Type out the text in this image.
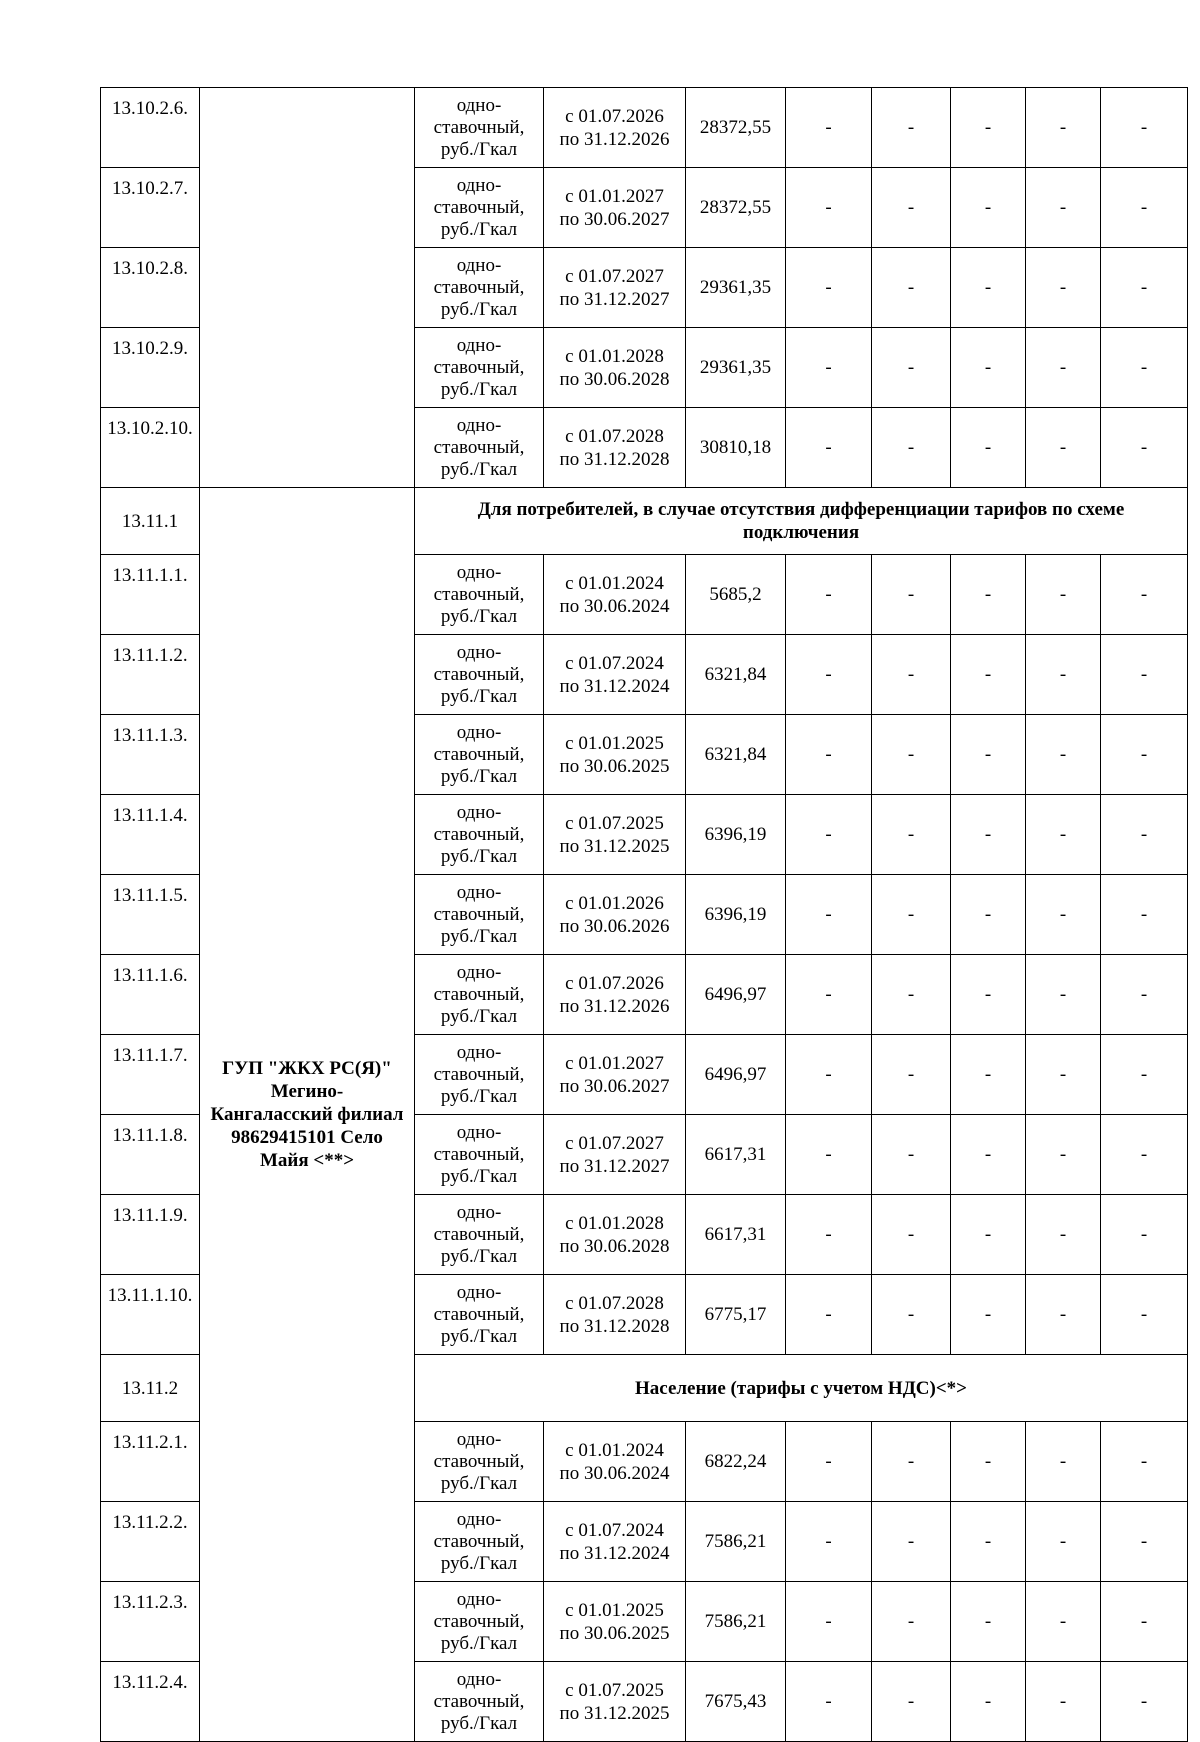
13.10.2.6.		одно-ставочный, руб./Гкал	с 01.07.2026
по 31.12.2026	28372,55	-	-	-	-	-
13.10.2.7.		одно-ставочный, руб./Гкал	с 01.01.2027
по 30.06.2027	28372,55	-	-	-	-	-
13.10.2.8.		одно-ставочный, руб./Гкал	с 01.07.2027
по 31.12.2027	29361,35	-	-	-	-	-
13.10.2.9.		одно-ставочный, руб./Гкал	с 01.01.2028
по 30.06.2028	29361,35	-	-	-	-	-
13.10.2.10.		одно-ставочный, руб./Гкал	с 01.07.2028
по 31.12.2028	30810,18	-	-	-	-	-
13.11.1	ГУП "ЖКХ РС(Я)" Мегино-Кангаласский филиал 98629415101 Село Майя <**>	Для потребителей, в случае отсутствия дифференциации тарифов по схеме подключения							
13.11.1.1.		одно-ставочный, руб./Гкал	с 01.01.2024
по 30.06.2024	5685,2	-	-	-	-	-
13.11.1.2.		одно-ставочный, руб./Гкал	с 01.07.2024
по 31.12.2024	6321,84	-	-	-	-	-
13.11.1.3.		одно-ставочный, руб./Гкал	с 01.01.2025
по 30.06.2025	6321,84	-	-	-	-	-
13.11.1.4.		одно-ставочный, руб./Гкал	с 01.07.2025
по 31.12.2025	6396,19	-	-	-	-	-
13.11.1.5.		одно-ставочный, руб./Гкал	с 01.01.2026
по 30.06.2026	6396,19	-	-	-	-	-
13.11.1.6.		одно-ставочный, руб./Гкал	с 01.07.2026
по 31.12.2026	6496,97	-	-	-	-	-
13.11.1.7.		одно-ставочный, руб./Гкал	с 01.01.2027
по 30.06.2027	6496,97	-	-	-	-	-
13.11.1.8.		одно-ставочный, руб./Гкал	с 01.07.2027
по 31.12.2027	6617,31	-	-	-	-	-
13.11.1.9.		одно-ставочный, руб./Гкал	с 01.01.2028
по 30.06.2028	6617,31	-	-	-	-	-
13.11.1.10.		одно-ставочный, руб./Гкал	с 01.07.2028
по 31.12.2028	6775,17	-	-	-	-	-
13.11.2		Население (тарифы с учетом НДС)<*>							
13.11.2.1.		одно-ставочный, руб./Гкал	с 01.01.2024
по 30.06.2024	6822,24	-	-	-	-	-
13.11.2.2.		одно-ставочный, руб./Гкал	с 01.07.2024
по 31.12.2024	7586,21	-	-	-	-	-
13.11.2.3.		одно-ставочный, руб./Гкал	с 01.01.2025
по 30.06.2025	7586,21	-	-	-	-	-
13.11.2.4.		одно-ставочный, руб./Гкал	с 01.07.2025
по 31.12.2025	7675,43	-	-	-	-	-
